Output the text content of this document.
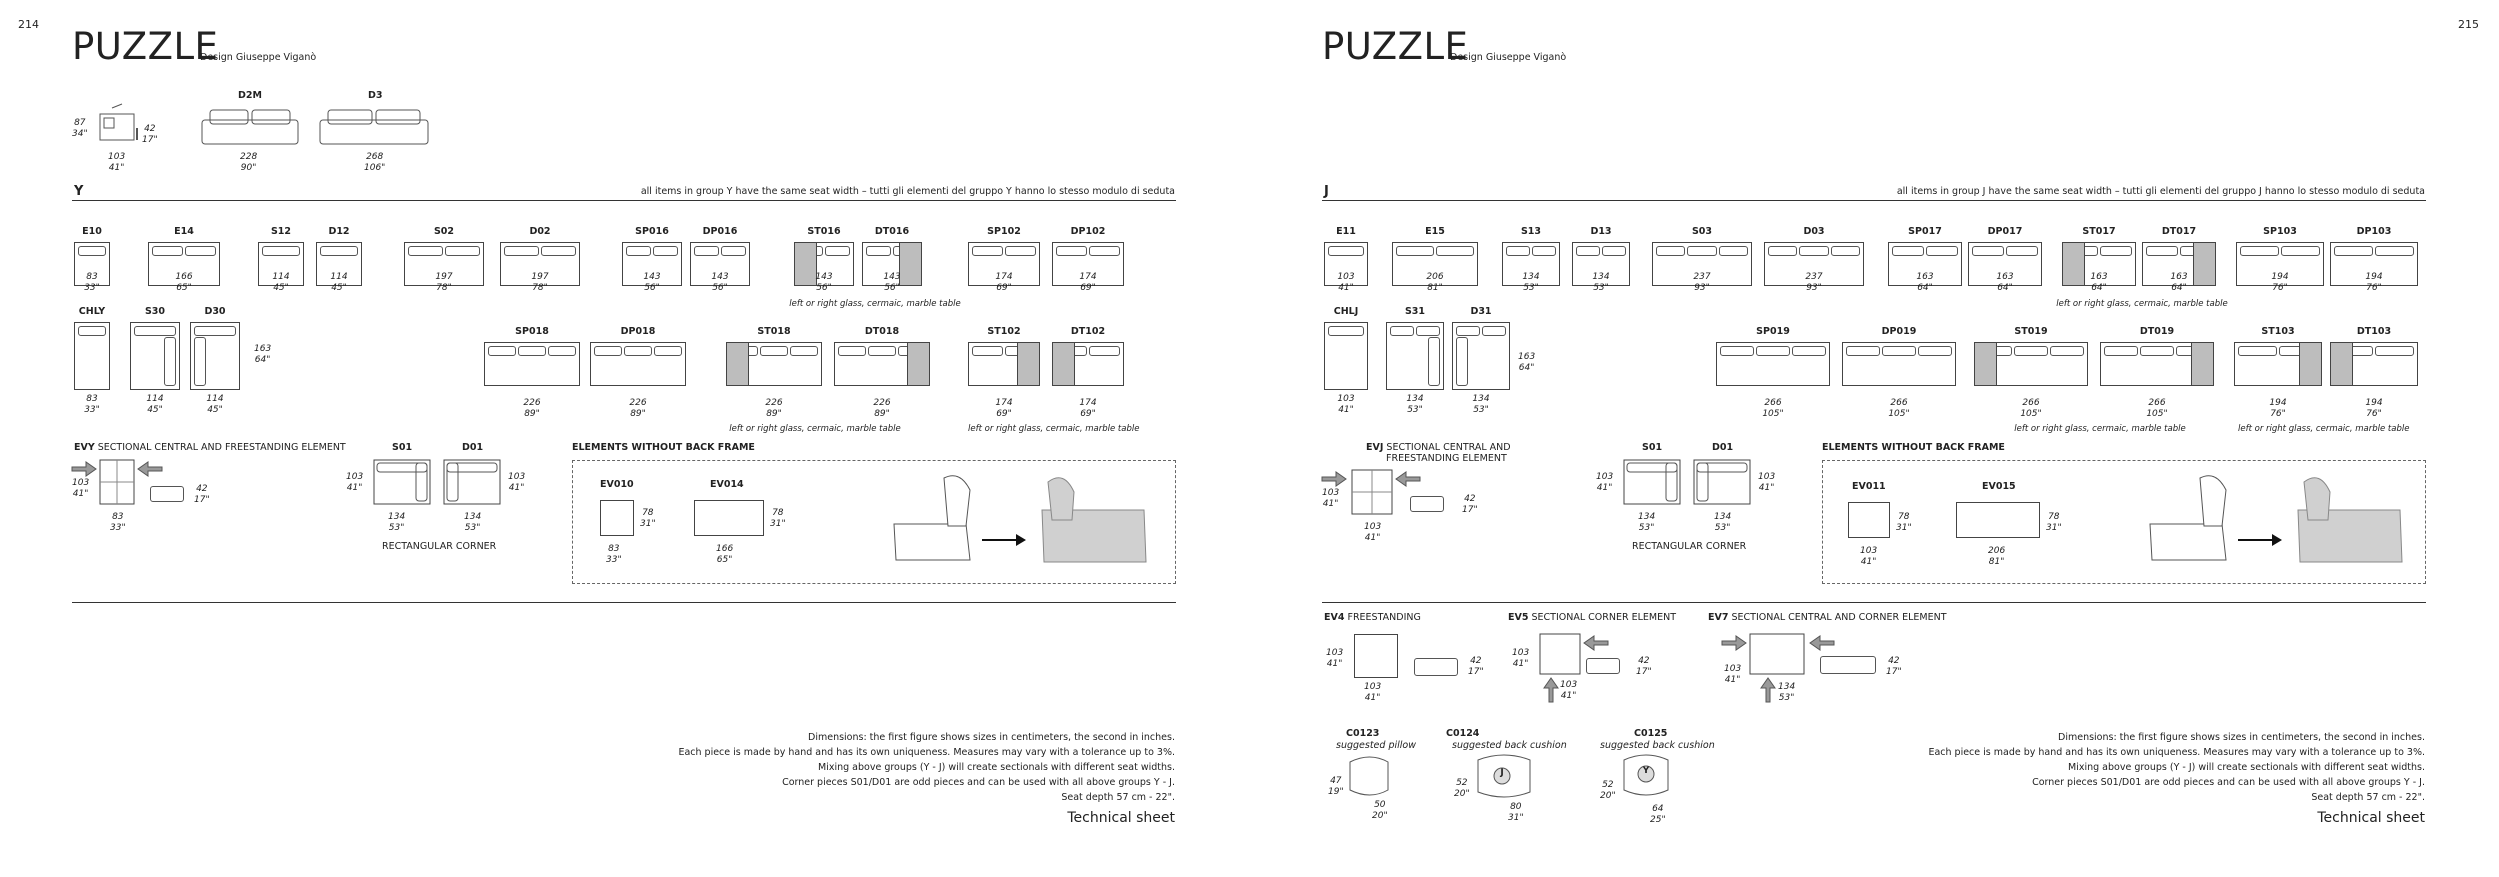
214
PUZZLE
Design Giuseppe Viganò
87
34"	42
17"
103
41"
D2M
228
90"
D3
268
106"
Y	all items in group Y have the same seat width – tutti gli elementi del gruppo Y hanno lo stesso modulo di seduta
E10
83
33"
E14
166
65"
S12
114
45"
D12
114
45"
S02
197
78"
D02
197
78"
SP016
143
56"
DP016
143
56"
ST016
143
56"
DT016
143
56"
SP102
174
69"
DP102
174
69"
CHLY
83
33"
S30
114
45"
D30
114
45"
SP018
226
89"
DP018
226
89"
ST018
226
89"
DT018
226
89"
ST102
174
69"
DT102
174
69"
left or right glass, cermaic, marble table
163
64"
left or right glass, cermaic, marble table	left or right glass, cermaic, marble table
EVY SECTIONAL CENTRAL AND FREESTANDING ELEMENT
103
41"	42
17"
83
33"
S01	D01
103
41"
103
41"
134
53"
134
53"
RECTANGULAR CORNER
ELEMENTS WITHOUT BACK FRAME
EV010
78
31"
83
33"
EV014
78
31"
166
65"
Dimensions: the first figure shows sizes in centimeters, the second in inches.
Each piece is made by hand and has its own uniqueness. Measures may vary with a tolerance up to 3%.
Mixing above groups (Y - J) will create sectionals with different seat widths.
Corner pieces S01/D01 are odd pieces and can be used with all above groups Y - J.
Seat depth 57 cm - 22".
Technical sheet
215
PUZZLE
Design Giuseppe Viganò
J	all items in group J have the same seat width – tutti gli elementi del gruppo J hanno lo stesso modulo di seduta
E11
103
41"
E15
206
81"
S13
134
53"
D13
134
53"
S03
237
93"
D03
237
93"
SP017
163
64"
DP017
163
64"
ST017
163
64"
DT017
163
64"
SP103
194
76"
DP103
194
76"
CHLJ
103
41"
S31
134
53"
D31
134
53"
SP019
266
105"
DP019
266
105"
ST019
266
105"
DT019
266
105"
ST103
194
76"
DT103
194
76"
left or right glass, cermaic, marble table
163
64"
left or right glass, cermaic, marble table	left or right glass, cermaic, marble table
EVJ SECTIONAL CENTRAL AND
FREESTANDING ELEMENT
103
41"	42
17"
103
41"
S01	D01
103
41"
103
41"
134
53"
134
53"
RECTANGULAR CORNER
ELEMENTS WITHOUT BACK FRAME
EV011
78
31"
103
41"
EV015
78
31"
206
81"
EV4 FREESTANDING
103
41"	42
17"
103
41"
EV5 SECTIONAL CORNER ELEMENT
103
41"	42
17"
103
41"
EV7 SECTIONAL CENTRAL AND CORNER ELEMENT
103
41"
42
17"
134
53"
C0123
suggested pillow
47
19"
50
20"
C0124
suggested back cushion
J
52
20"
80
31"
C0125
suggested back cushion
Y
52
20"
64
25"
Dimensions: the first figure shows sizes in centimeters, the second in inches.
Each piece is made by hand and has its own uniqueness. Measures may vary with a tolerance up to 3%.
Mixing above groups (Y - J) will create sectionals with different seat widths.
Corner pieces S01/D01 are odd pieces and can be used with all above groups Y - J.
Seat depth 57 cm - 22".
Technical sheet
